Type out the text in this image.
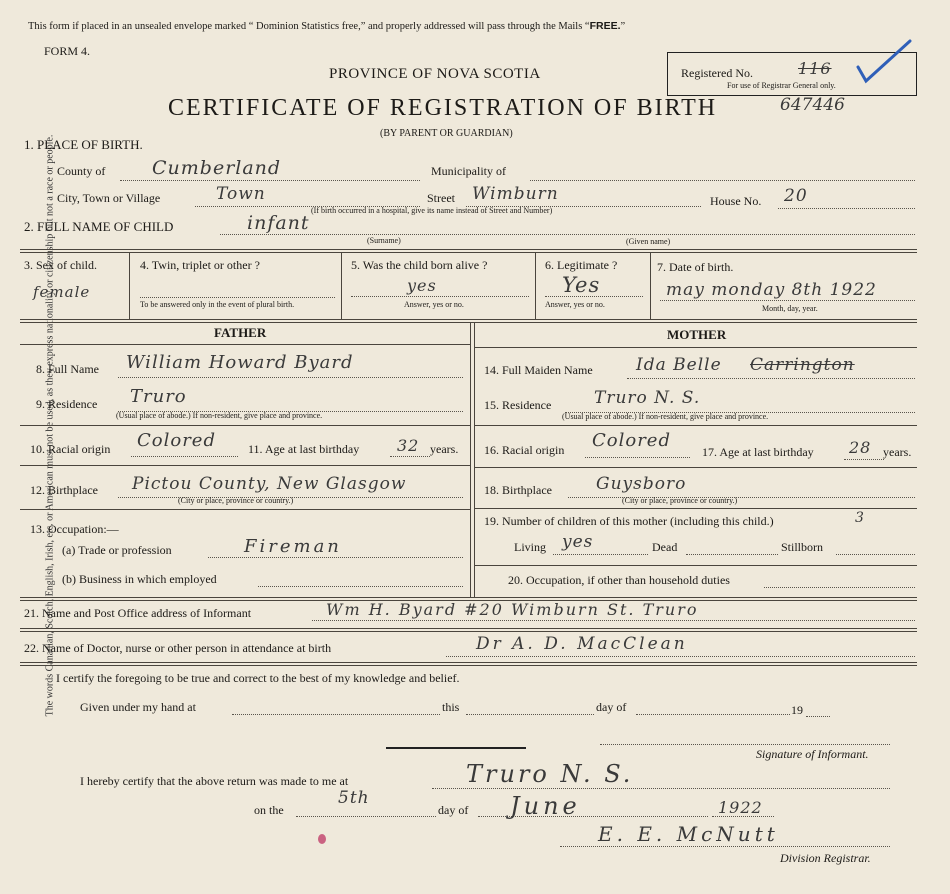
This form if placed in an unsealed envelope marked “ Dominion Statistics free,” and properly addressed will pass through the Mails “FREE.”
FORM 4.
PROVINCE OF NOVA SCOTIA
CERTIFICATE OF REGISTRATION OF BIRTH
(BY PARENT OR GUARDIAN)
Registered No.	116
For use of Registrar General only.
647446
1. PLACE OF BIRTH.
County of Cumberland	Municipality of
City, Town or Village	Town	Street Wimburn	House No. 20
(If birth occurred in a hospital, give its name instead of Street and Number)
2. FULL NAME OF CHILD	infant
(Surname)	(Given name)
3. Sex of child.
female
4. Twin, triplet or other ?
To be answered only in the event of plural birth.
5. Was the child born alive ?
yes
Answer, yes or no.
6. Legitimate ?
Yes
Answer, yes or no.
7. Date of birth.
may monday 8th 1922
Month, day, year.
FATHER	MOTHER
8. Full Name William Howard Byard
9. Residence Truro
(Usual place of abode.) If non-resident, give place and province.
10. Racial origin Colored	11. Age at last birthday 32 years.
12. Birthplace Pictou County, New Glasgow
(City or place, province or country.)
13. Occupation:—
(a) Trade or profession	Fireman
(b) Business in which employed
14. Full Maiden Name	Ida Belle Carrington
15. Residence	Truro N. S.
(Usual place of abode.) If non-resident, give place and province.
16. Racial origin Colored
17. Age at last birthday 28 years.
18. Birthplace	Guysboro
(City or place, province or country.)
19. Number of children of this mother (including this child.)	3
Living yes	Dead	Stillborn
20. Occupation, if other than household duties
21. Name and Post Office address of Informant	Wm H. Byard #20 Wimburn St. Truro
22. Name of Doctor, nurse or other person in attendance at birth	Dr A. D. MacClean
I certify the foregoing to be true and correct to the best of my knowledge and belief.
Given under my hand at	this	day of	19
Signature of Informant.
I hereby certify that the above return was made to me at	Truro N. S.
on the
5th
day of June	1922
E. E. McNutt
Division Registrar.
